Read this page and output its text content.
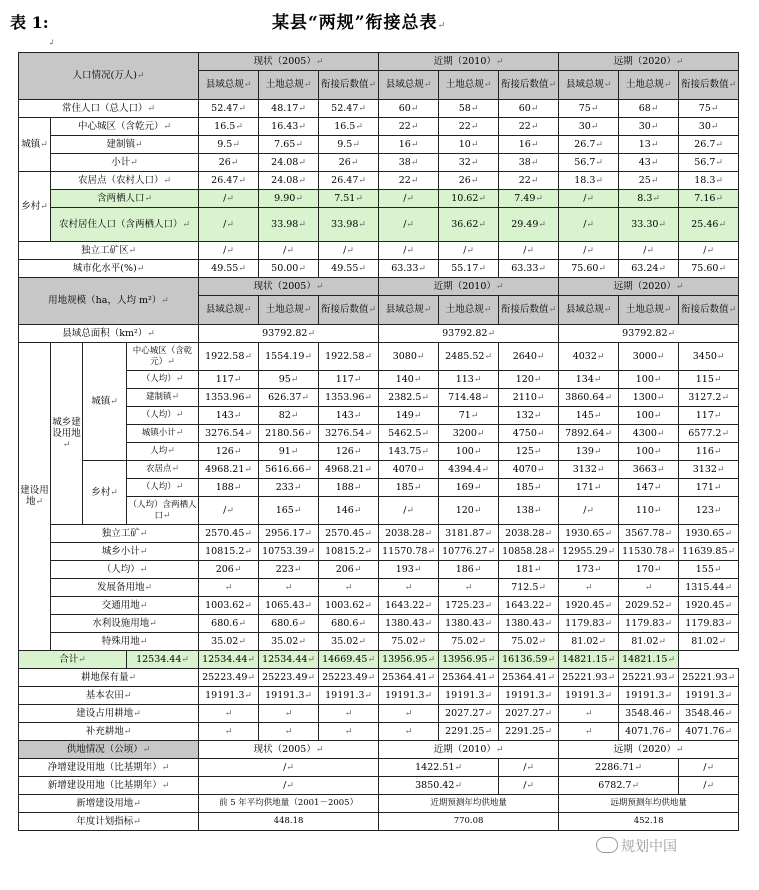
表 1:	某县“两规”衔接总表↵
↲
人口情况(万人)↵				现状（2005）↵			近期（2010）↵			远期（2020）↵		
				县域总规↵	土地总规↵	衔接后数值↵	县域总规↵	土地总规↵	衔接后数值↵	县域总规↵	土地总规↵	衔接后数值↵
常住人口（总人口）↵				52.47↵	48.17↵	52.47↵	60↵	58↵	60↵	75↵	68↵	75↵
城镇↵	中心城区（含乾元）↵			16.5↵	16.43↵	16.5↵	22↵	22↵	22↵	30↵	30↵	30↵
	建制镇↵			9.5↵	7.65↵	9.5↵	16↵	10↵	16↵	26.7↵	13↵	26.7↵
	小计↵			26↵	24.08↵	26↵	38↵	32↵	38↵	56.7↵	43↵	56.7↵
乡村↵	农居点（农村人口）↵			26.47↵	24.08↵	26.47↵	22↵	26↵	22↵	18.3↵	25↵	18.3↵
	含两栖人口↵			/↵	9.90↵	7.51↵	/↵	10.62↵	7.49↵	/↵	8.3↵	7.16↵
	农村居住人口（含两栖人口）↵			/↵	33.98↵	33.98↵	/↵	36.62↵	29.49↵	/↵	33.30↵	25.46↵
独立工矿区↵				/↵	/↵	/↵	/↵	/↵	/↵	/↵	/↵	/↵
城市化水平(%)↵				49.55↵	50.00↵	49.55↵	63.33↵	55.17↵	63.33↵	75.60↵	63.24↵	75.60↵
用地规模（ha，人均 m²）↵				现状（2005）↵			近期（2010）↵			远期（2020）↵		
				县域总规↵	土地总规↵	衔接后数值↵	县域总规↵	土地总规↵	衔接后数值↵	县域总规↵	土地总规↵	衔接后数值↵
县域总面积（km²）↵				93792.82↵			93792.82↵			93792.82↵		
建设用地↵	城乡建设用地↵	城镇↵	中心城区（含乾元）↵	1922.58↵	1554.19↵	1922.58↵	3080↵	2485.52↵	2640↵	4032↵	3000↵	3450↵
			（人均）↵	117↵	95↵	117↵	140↵	113↵	120↵	134↵	100↵	115↵
			建制镇↵	1353.96↵	626.37↵	1353.96↵	2382.5↵	714.48↵	2110↵	3860.64↵	1300↵	3127.2↵
			（人均）↵	143↵	82↵	143↵	149↵	71↵	132↵	145↵	100↵	117↵
			城镇小计↵	3276.54↵	2180.56↵	3276.54↵	5462.5↵	3200↵	4750↵	7892.64↵	4300↵	6577.2↵
			人均↵	126↵	91↵	126↵	143.75↵	100↵	125↵	139↵	100↵	116↵
		乡村↵	农居点↵	4968.21↵	5616.66↵	4968.21↵	4070↵	4394.4↵	4070↵	3132↵	3663↵	3132↵
			（人均）↵	188↵	233↵	188↵	185↵	169↵	185↵	171↵	147↵	171↵
			（人均）含两栖人口↵	/↵	165↵	146↵	/↵	120↵	138↵	/↵	110↵	123↵
	独立工矿↵			2570.45↵	2956.17↵	2570.45↵	2038.28↵	3181.87↵	2038.28↵	1930.65↵	3567.78↵	1930.65↵
	城乡小计↵			10815.2↵	10753.39↵	10815.2↵	11570.78↵	10776.27↵	10858.28↵	12955.29↵	11530.78↵	11639.85↵
	（人均）↵			206↵	223↵	206↵	193↵	186↵	181↵	173↵	170↵	155↵
	发展备用地↵			↵	↵	↵	↵	↵	712.5↵	↵	↵	1315.44↵
	交通用地↵			1003.62↵	1065.43↵	1003.62↵	1643.22↵	1725.23↵	1643.22↵	1920.45↵	2029.52↵	1920.45↵
	水利设施用地↵			680.6↵	680.6↵	680.6↵	1380.43↵	1380.43↵	1380.43↵	1179.83↵	1179.83↵	1179.83↵
	特殊用地↵			35.02↵	35.02↵	35.02↵	75.02↵	75.02↵	75.02↵	81.02↵	81.02↵	81.02↵
合计↵			12534.44↵	12534.44↵	12534.44↵	14669.45↵	13956.95↵	13956.95↵	16136.59↵	14821.15↵	14821.15↵	
耕地保有量↵				25223.49↵	25223.49↵	25223.49↵	25364.41↵	25364.41↵	25364.41↵	25221.93↵	25221.93↵	25221.93↵
基本农田↵				19191.3↵	19191.3↵	19191.3↵	19191.3↵	19191.3↵	19191.3↵	19191.3↵	19191.3↵	19191.3↵
建设占用耕地↵				↵	↵	↵	↵	2027.27↵	2027.27↵	↵	3548.46↵	3548.46↵
补充耕地↵				↵	↵	↵	↵	2291.25↵	2291.25↵	↵	4071.76↵	4071.76↵
供地情况（公顷）↵				现状（2005）↵			近期（2010）↵			远期（2020）↵		
净增建设用地（比基期年）↵				/↵			1422.51↵		/↵	2286.71↵		/↵
新增建设用地（比基期年）↵				/↵			3850.42↵		/↵	6782.7↵		/↵
新增建设用地↵				前 5 年平均供地量（2001－2005）			近期预测年均供地量			远期预测年均供地量		
年度计划指标↵				448.18			770.08			452.18		
规划中国
